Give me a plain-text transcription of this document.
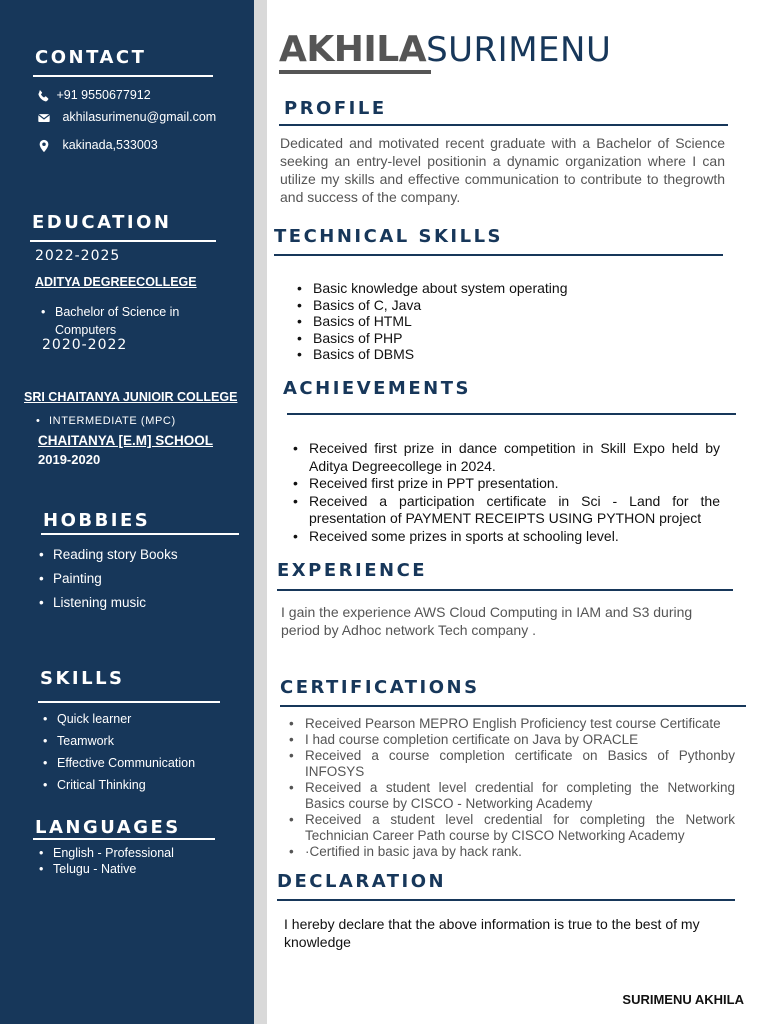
CONTACT
+91 9550677912
akhilasurimenu@gmail.com
kakinada,533003
EDUCATION
2022-2025
ADITYA DEGREECOLLEGE
• Bachelor of Science in
Computers
2020-2022
SRI CHAITANYA JUNIOIR COLLEGE
• INTERMEDIATE (MPC)
CHAITANYA [E.M] SCHOOL
2019-2020
HOBBIES
• Reading story Books
• Painting
• Listening music
SKILLS
• Quick learner
• Teamwork
• Effective Communication
• Critical Thinking
LANGUAGES
• English - Professional
• Telugu - Native
AKHILASURIMENU
PROFILE
Dedicated and motivated recent graduate with a Bachelor of Science seeking an entry-level positionin a dynamic organization where I can utilize my skills and effective communication to contribute to thegrowth and success of the company.
TECHNICAL SKILLS
• Basic knowledge about system operating
• Basics of C, Java
• Basics of HTML
• Basics of PHP
• Basics of DBMS
ACHIEVEMENTS
• Received first prize in dance competition in Skill Expo held by Aditya Degreecollege in 2024.
• Received first prize in PPT presentation.
• Received a participation certificate in Sci - Land for the presentation of PAYMENT RECEIPTS USING PYTHON project
• Received some prizes in sports at schooling level.
EXPERIENCE
I gain the experience AWS Cloud Computing in IAM and S3 during period by Adhoc network Tech company .
CERTIFICATIONS
• Received Pearson MEPRO English Proficiency test course Certificate
• I had course completion certificate on Java by ORACLE
• Received a course completion certificate on Basics of Pythonby INFOSYS
• Received a student level credential for completing the Networking Basics course by CISCO - Networking Academy
• Received a student level credential for completing the Network Technician Career Path course by CISCO Networking Academy
• ·Certified in basic java by hack rank.
DECLARATION
I hereby declare that the above information is true to the best of my knowledge
SURIMENU AKHILA
